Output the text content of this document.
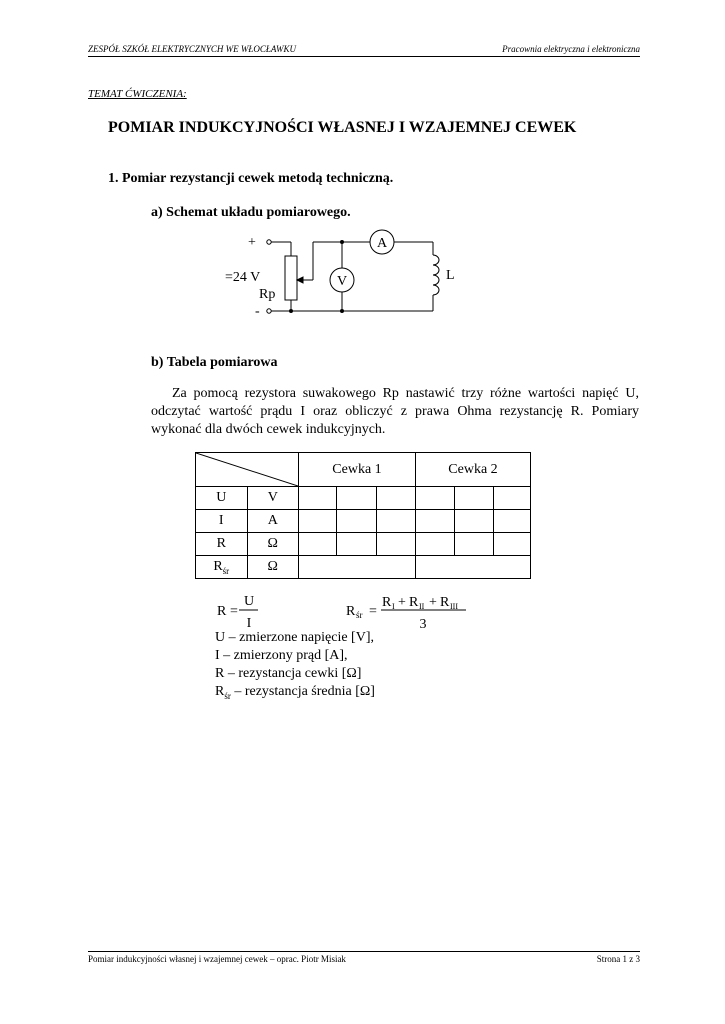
ZESPÓŁ SZKÓŁ ELEKTRYCZNYCH WE WŁOCŁAWKU	Pracownia elektryczna i elektroniczna
TEMAT ĆWICZENIA:
POMIAR INDUKCYJNOŚCI WŁASNEJ I WZAJEMNEJ CEWEK
1. Pomiar rezystancji cewek metodą techniczną.
a) Schemat układu pomiarowego.
+
-
=24 V
Rp
A
V	L
b) Tabela pomiarowa
Za pomocą rezystora suwakowego Rp nastawić trzy różne wartości napięć U,
odczytać wartość prądu I oraz obliczyć z prawa Ohma rezystancję R. Pomiary
wykonać dla dwóch cewek indukcyjnych.
	Cewka 1			Cewka 2		
U	V						
I	A						
R	Ω						
$R_{śr}$	Ω						
R =
U
I
R śr =
R I + R II + R III
3
U – zmierzone napięcie [V],
I – zmierzony prąd [A],
R – rezystancja cewki [Ω]
$R_{śr}$ – rezystancja średnia [Ω]
Pomiar indukcyjności własnej i wzajemnej cewek – oprac. Piotr Misiak	Strona 1 z 3
